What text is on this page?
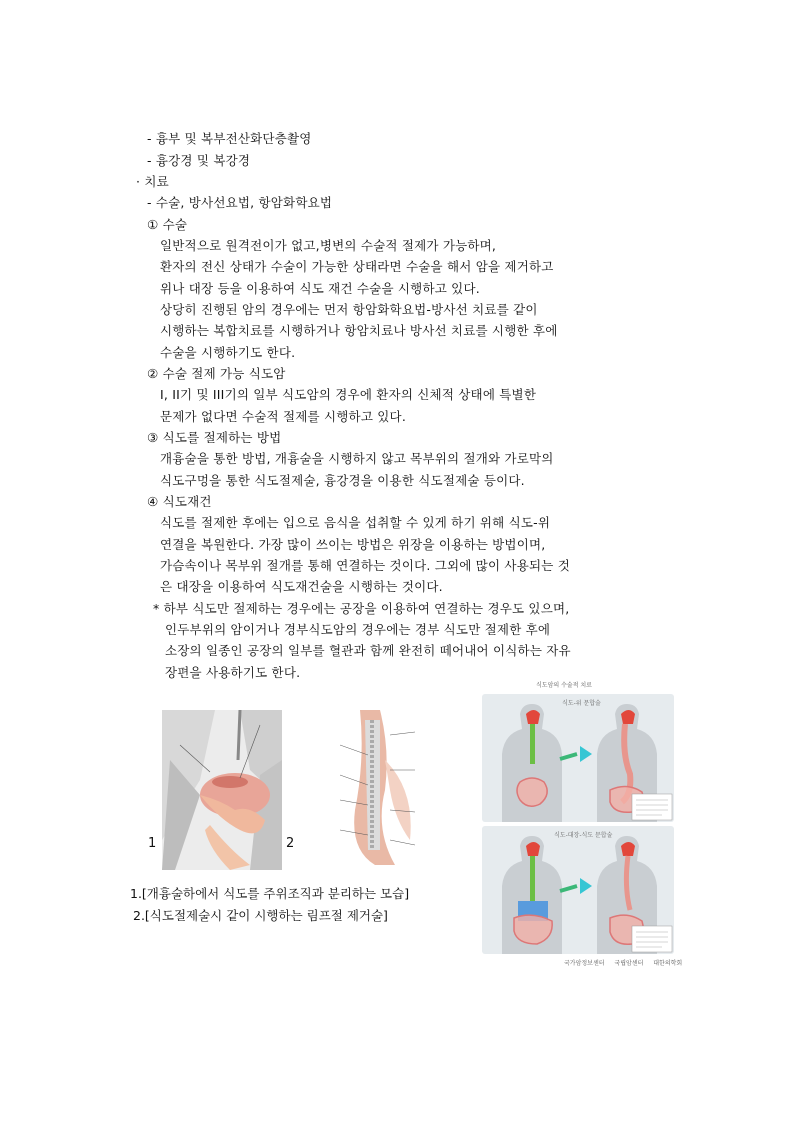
- 흉부 및 복부전산화단층촬영
- 흉강경 및 복강경
· 치료
- 수술, 방사선요법, 항암화학요법
① 수술
일반적으로 원격전이가 없고,병변의 수술적 절제가 가능하며,
환자의 전신 상태가 수술이 가능한 상태라면 수술을 해서 암을 제거하고
위나 대장 등을 이용하여 식도 재건 수술을 시행하고 있다.
상당히 진행된 암의 경우에는 먼저 항암화학요법-방사선 치료를 같이
시행하는 복합치료를 시행하거나 항암치료나 방사선 치료를 시행한 후에
수술을 시행하기도 한다.
② 수술 절제 가능 식도암
I, II기 및 III기의 일부 식도암의 경우에 환자의 신체적 상태에 특별한
문제가 없다면 수술적 절제를 시행하고 있다.
③ 식도를 절제하는 방법
개흉술을 통한 방법, 개흉술을 시행하지 않고 목부위의 절개와 가로막의
식도구멍을 통한 식도절제술, 흉강경을 이용한 식도절제술 등이다.
④ 식도재건
식도를 절제한 후에는 입으로 음식을 섭취할 수 있게 하기 위해 식도-위
연결을 복원한다. 가장 많이 쓰이는 방법은 위장을 이용하는 방법이며,
가슴속이나 목부위 절개를 통해 연결하는 것이다. 그외에 많이 사용되는 것
은 대장을 이용하여 식도재건술을 시행하는 것이다.
* 하부 식도만 절제하는 경우에는 공장을 이용하여 연결하는 경우도 있으며,
인두부위의 암이거나 경부식도암의 경우에는 경부 식도만 절제한 후에
소장의 일종인 공장의 일부를 혈관과 함께 완전히 떼어내어 이식하는 자유
장편을 사용하기도 한다.
1	2
1.[개흉술하에서 식도를 주위조직과 분리하는 모습]
2.[식도절제술시 같이 시행하는 림프절 제거술]
식도암의 수술적 치료
식도-위 문합술
식도-대장-식도 문합술
국가암정보센터 국립암센터 대한의학회
